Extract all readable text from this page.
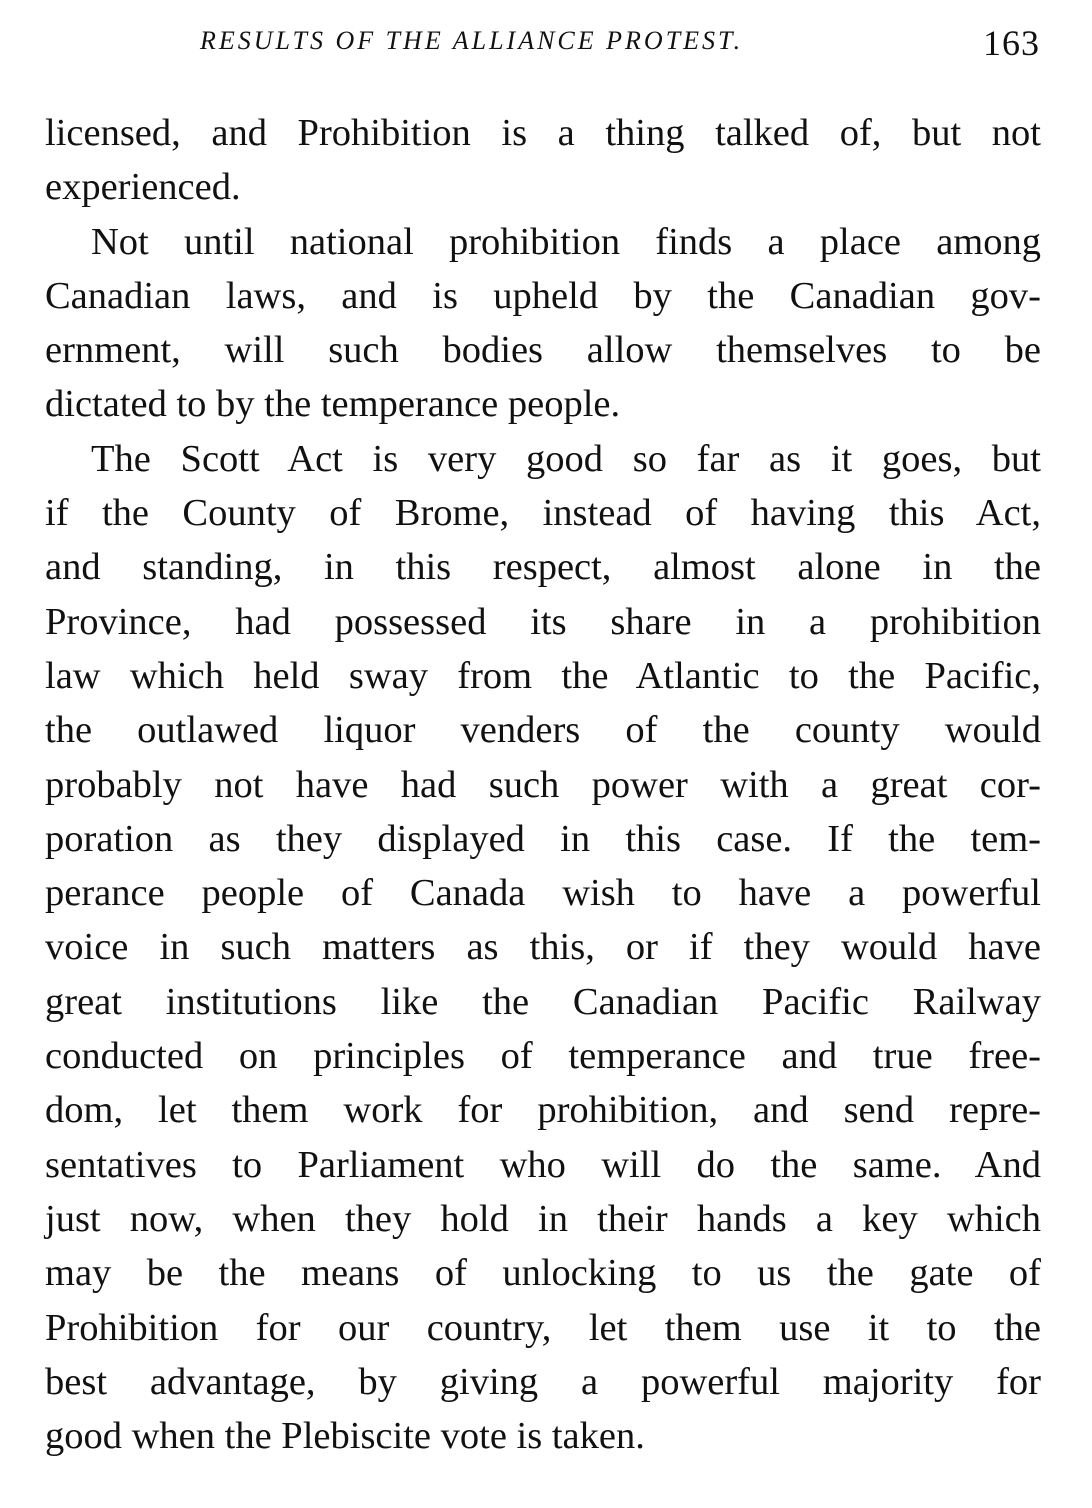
RESULTS OF THE ALLIANCE PROTEST.	163
licensed, and Prohibition is a thing talked of, but not
experienced.
Not until national prohibition finds a place among
Canadian laws, and is upheld by the Canadian gov-
ernment, will such bodies allow themselves to be
dictated to by the temperance people.
The Scott Act is very good so far as it goes, but
if the County of Brome, instead of having this Act,
and standing, in this respect, almost alone in the
Province, had possessed its share in a prohibition
law which held sway from the Atlantic to the Pacific,
the outlawed liquor venders of the county would
probably not have had such power with a great cor-
poration as they displayed in this case. If the tem-
perance people of Canada wish to have a powerful
voice in such matters as this, or if they would have
great institutions like the Canadian Pacific Railway
conducted on principles of temperance and true free-
dom, let them work for prohibition, and send repre-
sentatives to Parliament who will do the same. And
just now, when they hold in their hands a key which
may be the means of unlocking to us the gate of
Prohibition for our country, let them use it to the
best advantage, by giving a powerful majority for
good when the Plebiscite vote is taken.
